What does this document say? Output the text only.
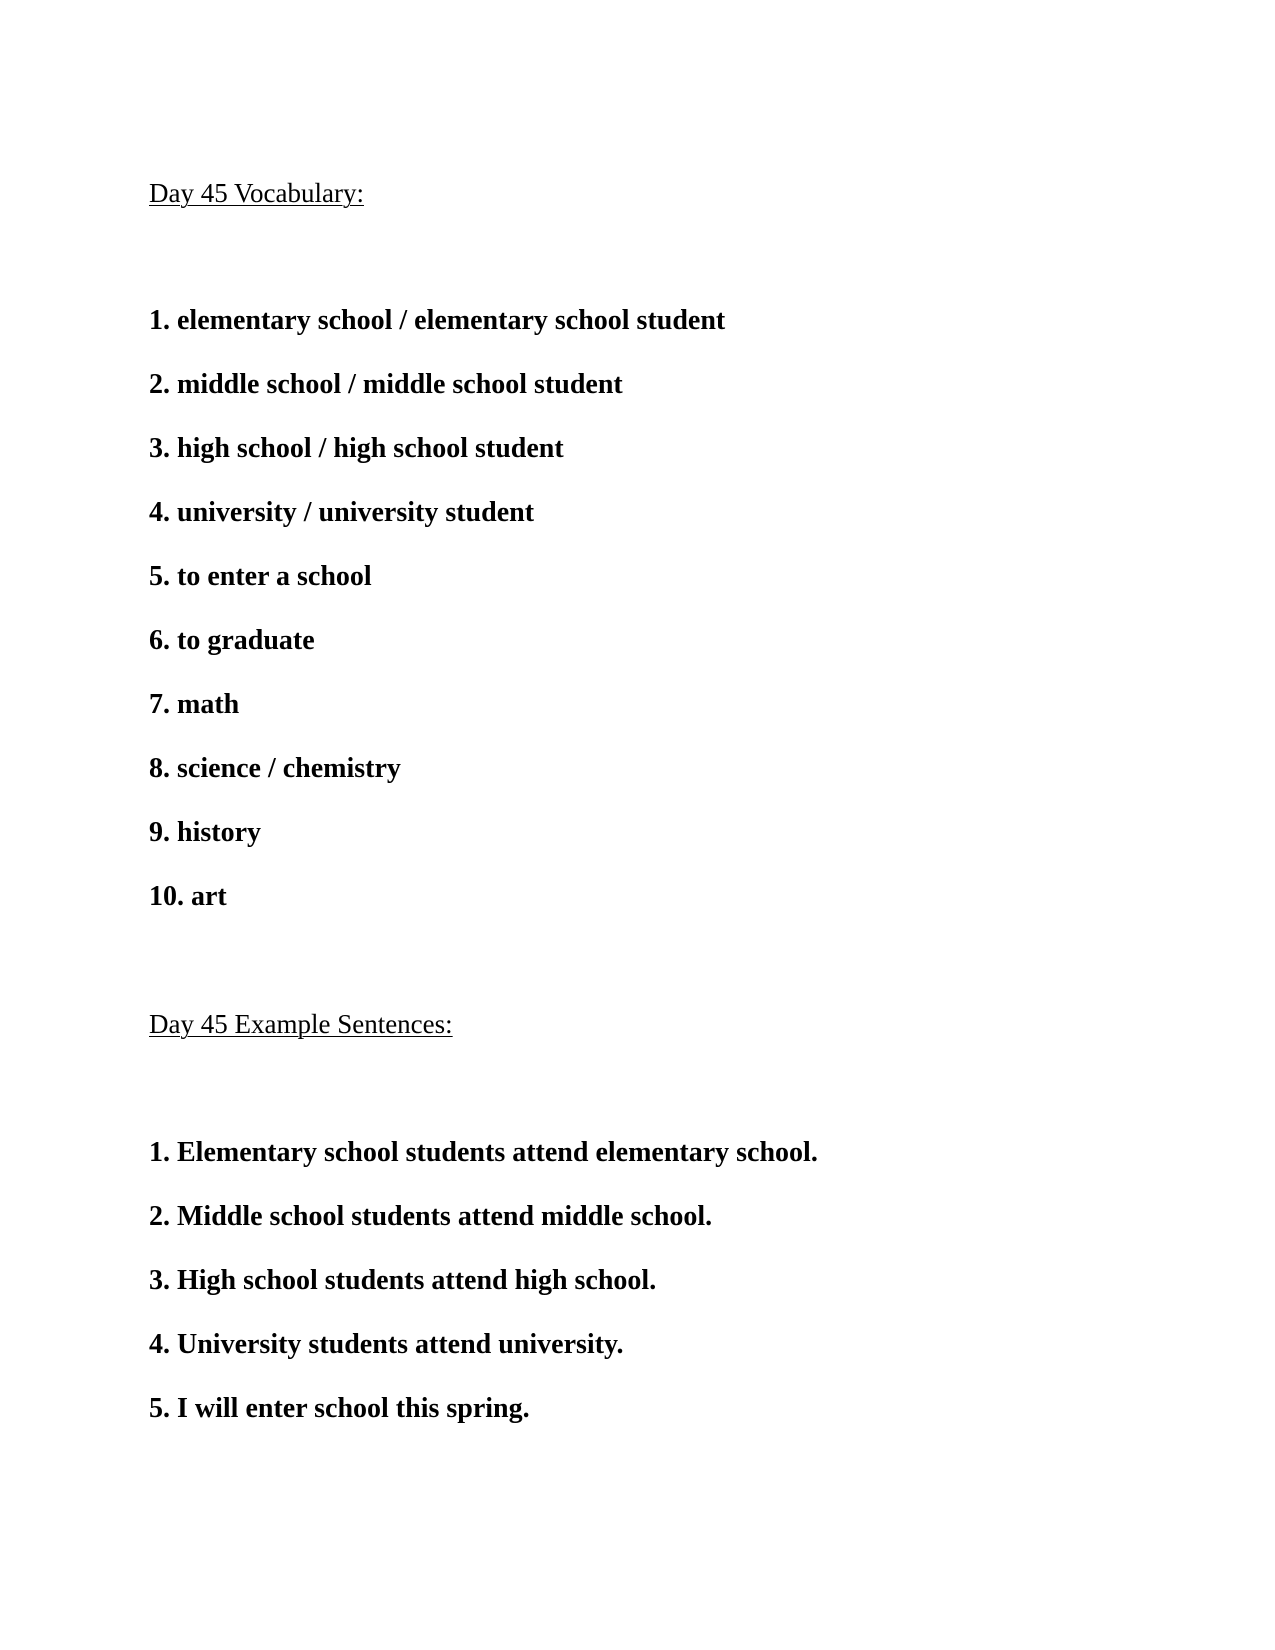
Day 45 Vocabulary:
1. elementary school / elementary school student
2. middle school / middle school student
3. high school / high school student
4. university / university student
5. to enter a school
6. to graduate
7. math
8. science / chemistry
9. history
10. art
Day 45 Example Sentences:
1. Elementary school students attend elementary school.
2. Middle school students attend middle school.
3. High school students attend high school.
4. University students attend university.
5. I will enter school this spring.
